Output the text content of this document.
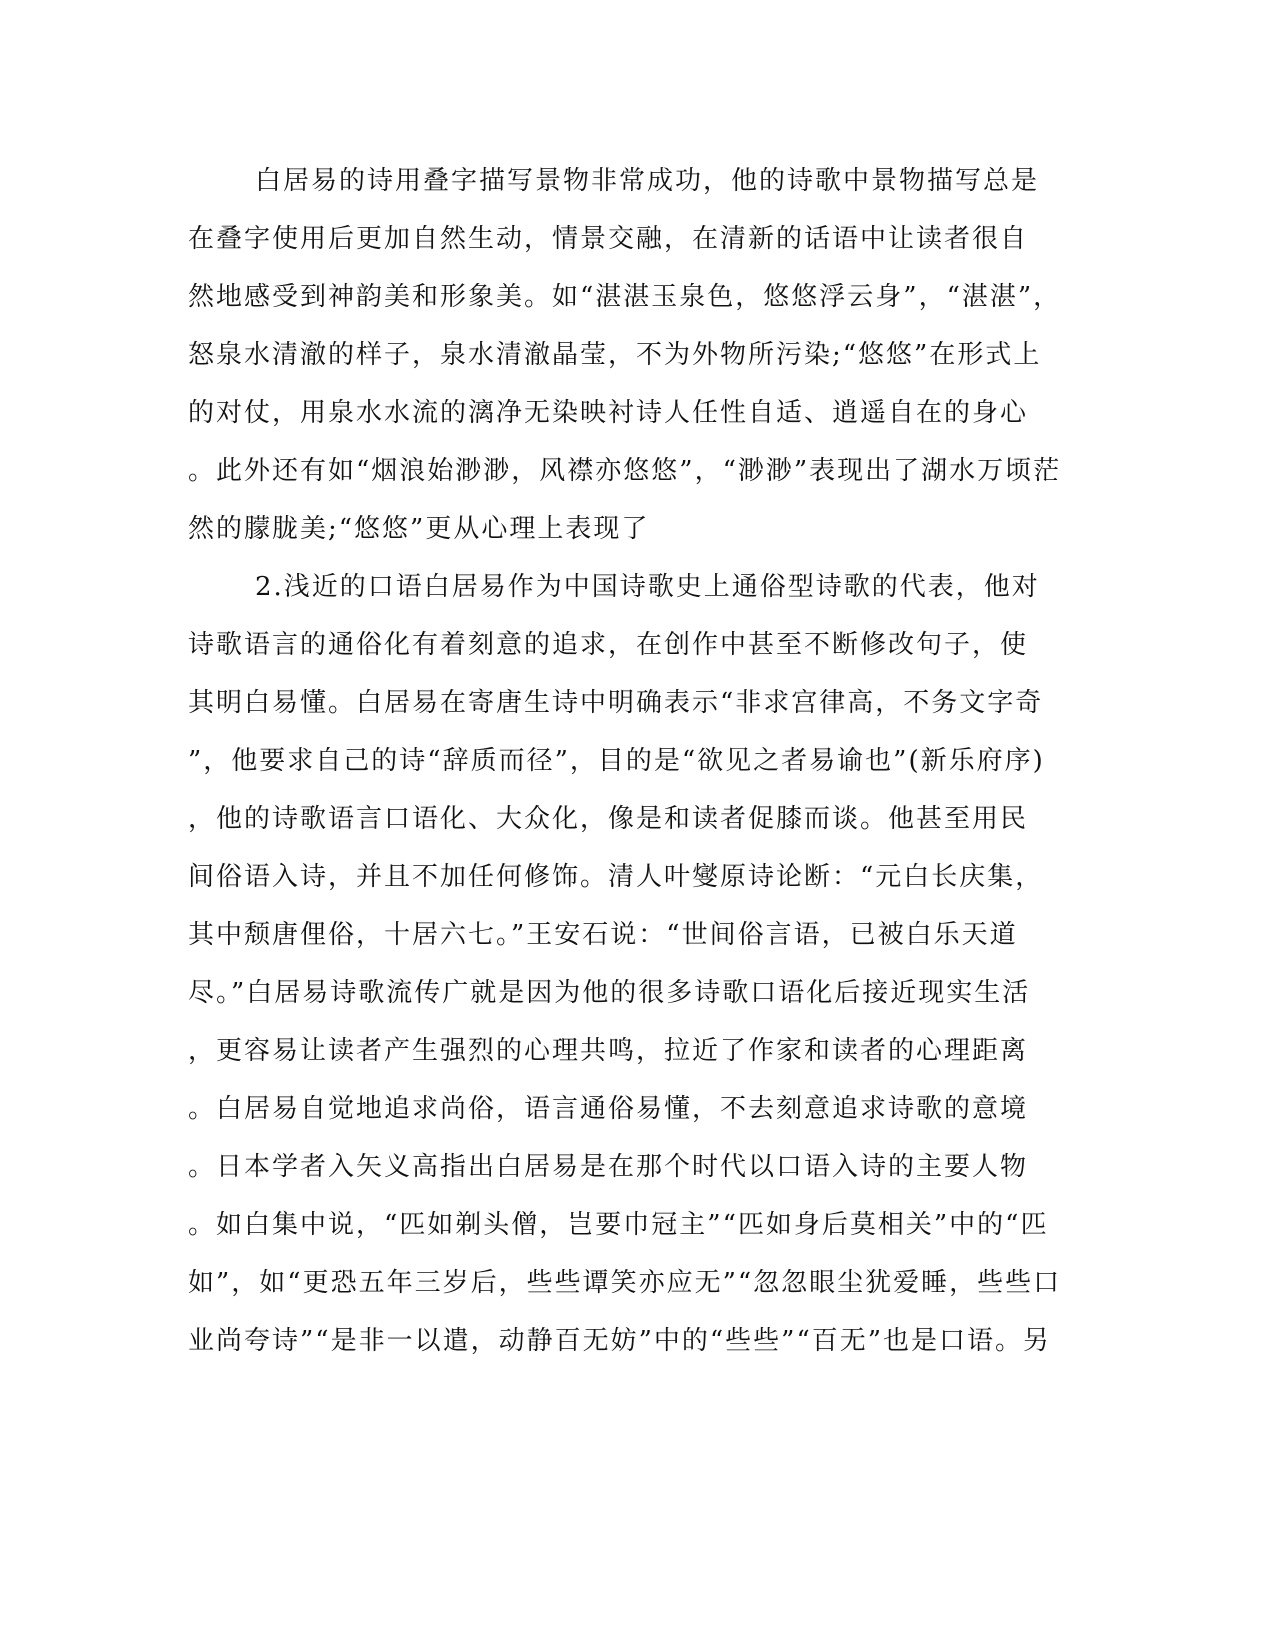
白居易的诗用叠字描写景物非常成功，他的诗歌中景物描写总是
在叠字使用后更加自然生动，情景交融，在清新的话语中让读者很自
然地感受到神韵美和形象美。如“湛湛玉泉色，悠悠浮云身”，“湛湛”，
怒泉水清澈的样子，泉水清澈晶莹，不为外物所污染;“悠悠”在形式上
的对仗，用泉水水流的漓净无染映衬诗人任性自适、逍遥自在的身心
。此外还有如“烟浪始渺渺，风襟亦悠悠”，“渺渺”表现出了湖水万顷茫
然的朦胧美;“悠悠”更从心理上表现了
2.浅近的口语白居易作为中国诗歌史上通俗型诗歌的代表，他对
诗歌语言的通俗化有着刻意的追求，在创作中甚至不断修改句子，使
其明白易懂。白居易在寄唐生诗中明确表示“非求宫律高，不务文字奇
”，他要求自己的诗“辞质而径”，目的是“欲见之者易谕也”(新乐府序)
，他的诗歌语言口语化、大众化，像是和读者促膝而谈。他甚至用民
间俗语入诗，并且不加任何修饰。清人叶燮原诗论断：“元白长庆集，
其中颓唐俚俗，十居六七。”王安石说：“世间俗言语，已被白乐天道
尽。”白居易诗歌流传广就是因为他的很多诗歌口语化后接近现实生活
，更容易让读者产生强烈的心理共鸣，拉近了作家和读者的心理距离
。白居易自觉地追求尚俗，语言通俗易懂，不去刻意追求诗歌的意境
。日本学者入矢义高指出白居易是在那个时代以口语入诗的主要人物
。如白集中说，“匹如剃头僧，岂要巾冠主”“匹如身后莫相关”中的“匹
如”，如“更恐五年三岁后，些些谭笑亦应无”“忽忽眼尘犹爱睡，些些口
业尚夸诗”“是非一以遣，动静百无妨”中的“些些”“百无”也是口语。另
